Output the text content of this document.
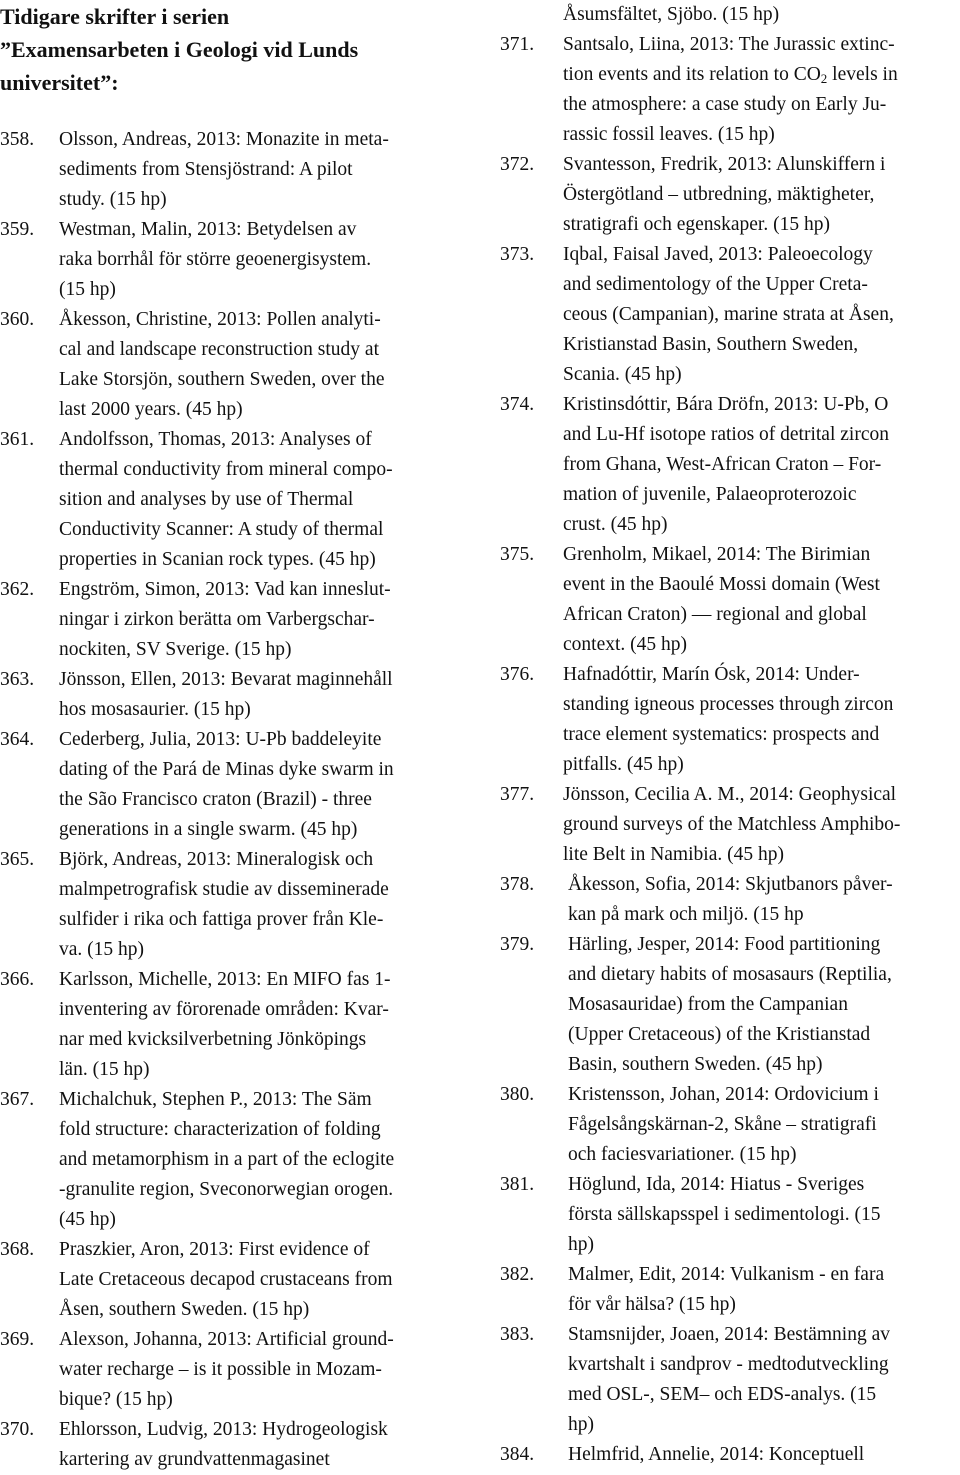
Tidigare skrifter i serien
”Examensarbeten i Geologi vid Lunds
universitet”:
358.	Olsson, Andreas, 2013: Monazite in meta-
sediments from Stensjöstrand: A pilot
study. (15 hp)
359.	Westman, Malin, 2013: Betydelsen av
raka borrhål för större geoenergisystem.
(15 hp)
360.	Åkesson, Christine, 2013: Pollen analyti-
cal and landscape reconstruction study at
Lake Storsjön, southern Sweden, over the
last 2000 years. (45 hp)
361.	Andolfsson, Thomas, 2013: Analyses of
thermal conductivity from mineral compo-
sition and analyses by use of Thermal
Conductivity Scanner: A study of thermal
properties in Scanian rock types. (45 hp)
362.	Engström, Simon, 2013: Vad kan inneslut-
ningar i zirkon berätta om Varbergschar-
nockiten, SV Sverige. (15 hp)
363.	Jönsson, Ellen, 2013: Bevarat maginnehåll
hos mosasaurier. (15 hp)
364.	Cederberg, Julia, 2013: U-Pb baddeleyite
dating of the Pará de Minas dyke swarm in
the São Francisco craton (Brazil) - three
generations in a single swarm. (45 hp)
365.	Björk, Andreas, 2013: Mineralogisk och
malmpetrografisk studie av disseminerade
sulfider i rika och fattiga prover från Kle-
va. (15 hp)
366.	Karlsson, Michelle, 2013: En MIFO fas 1-
inventering av förorenade områden: Kvar-
nar med kvicksilverbetning Jönköpings
län. (15 hp)
367.	Michalchuk, Stephen P., 2013: The Säm
fold structure: characterization of folding
and metamorphism in a part of the eclogite
-granulite region, Sveconorwegian orogen.
(45 hp)
368.	Praszkier, Aron, 2013: First evidence of
Late Cretaceous decapod crustaceans from
Åsen, southern Sweden. (15 hp)
369.	Alexson, Johanna, 2013: Artificial ground-
water recharge – is it possible in Mozam-
bique? (15 hp)
370.	Ehlorsson, Ludvig, 2013: Hydrogeologisk
kartering av grundvattenmagasinet
Åsumsfältet, Sjöbo. (15 hp)
371.	Santsalo, Liina, 2013: The Jurassic extinc-
tion events and its relation to $CO_2$ levels in
the atmosphere: a case study on Early Ju-
rassic fossil leaves. (15 hp)
372.	Svantesson, Fredrik, 2013: Alunskiffern i
Östergötland – utbredning, mäktigheter,
stratigrafi och egenskaper. (15 hp)
373.	Iqbal, Faisal Javed, 2013: Paleoecology
and sedimentology of the Upper Creta-
ceous (Campanian), marine strata at Åsen,
Kristianstad Basin, Southern Sweden,
Scania. (45 hp)
374.	Kristinsdóttir, Bára Dröfn, 2013: U-Pb, O
and Lu-Hf isotope ratios of detrital zircon
from Ghana, West-African Craton – For-
mation of juvenile, Palaeoproterozoic
crust. (45 hp)
375.	Grenholm, Mikael, 2014: The Birimian
event in the Baoulé Mossi domain (West
African Craton) — regional and global
context. (45 hp)
376.	Hafnadóttir, Marín Ósk, 2014: Under-
standing igneous processes through zircon
trace element systematics: prospects and
pitfalls. (45 hp)
377.	Jönsson, Cecilia A. M., 2014: Geophysical
ground surveys of the Matchless Amphibo-
lite Belt in Namibia. (45 hp)
378.	Åkesson, Sofia, 2014: Skjutbanors påver-
kan på mark och miljö. (15 hp
379.	Härling, Jesper, 2014: Food partitioning
and dietary habits of mosasaurs (Reptilia,
Mosasauridae) from the Campanian
(Upper Cretaceous) of the Kristianstad
Basin, southern Sweden. (45 hp)
380.	Kristensson, Johan, 2014: Ordovicium i
Fågelsångskärnan-2, Skåne – stratigrafi
och faciesvariationer. (15 hp)
381.	Höglund, Ida, 2014: Hiatus - Sveriges
första sällskapsspel i sedimentologi. (15
hp)
382.	Malmer, Edit, 2014: Vulkanism - en fara
för vår hälsa? (15 hp)
383.	Stamsnijder, Joaen, 2014: Bestämning av
kvartshalt i sandprov - medtodutveckling
med OSL-, SEM– och EDS-analys. (15
hp)
384.	Helmfrid, Annelie, 2014: Konceptuell
